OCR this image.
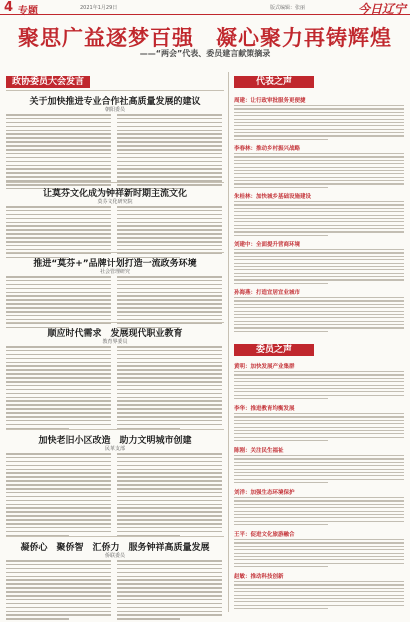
4 专题	2021年1月29日	版式编辑：张丽	今日辽宁
聚思广益逐梦百强　凝心聚力再铸辉煌
——“两会”代表、委员建言献策摘录
政协委员大会发言	代表之声
委员之声
关于加快推进专业合作社高质量发展的建议
朝阳委员
让莫芬文化成为钟祥新时期主流文化
莫芬文化研究院
推进“莫芬+”品牌计划打造一流政务环境
社会管理研究
顺应时代需求　发展现代职业教育
教育界委员
加快老旧小区改造　助力文明城市创建
民革支部
凝侨心　聚侨智　汇侨力　服务钟祥高质量发展
侨联委员
周建：让行政审批服务更便捷
李春林：推动乡村振兴战略
朱桂林：加快城乡基础设施建设
刘建中：全面提升营商环境
孙海燕：打造宜居宜业城市
黄明：加快发展产业集群
李华：推进教育均衡发展
陈刚：关注民生福祉
刘洋：加强生态环境保护
王平：促进文化旅游融合
赵敏：推动科技创新
